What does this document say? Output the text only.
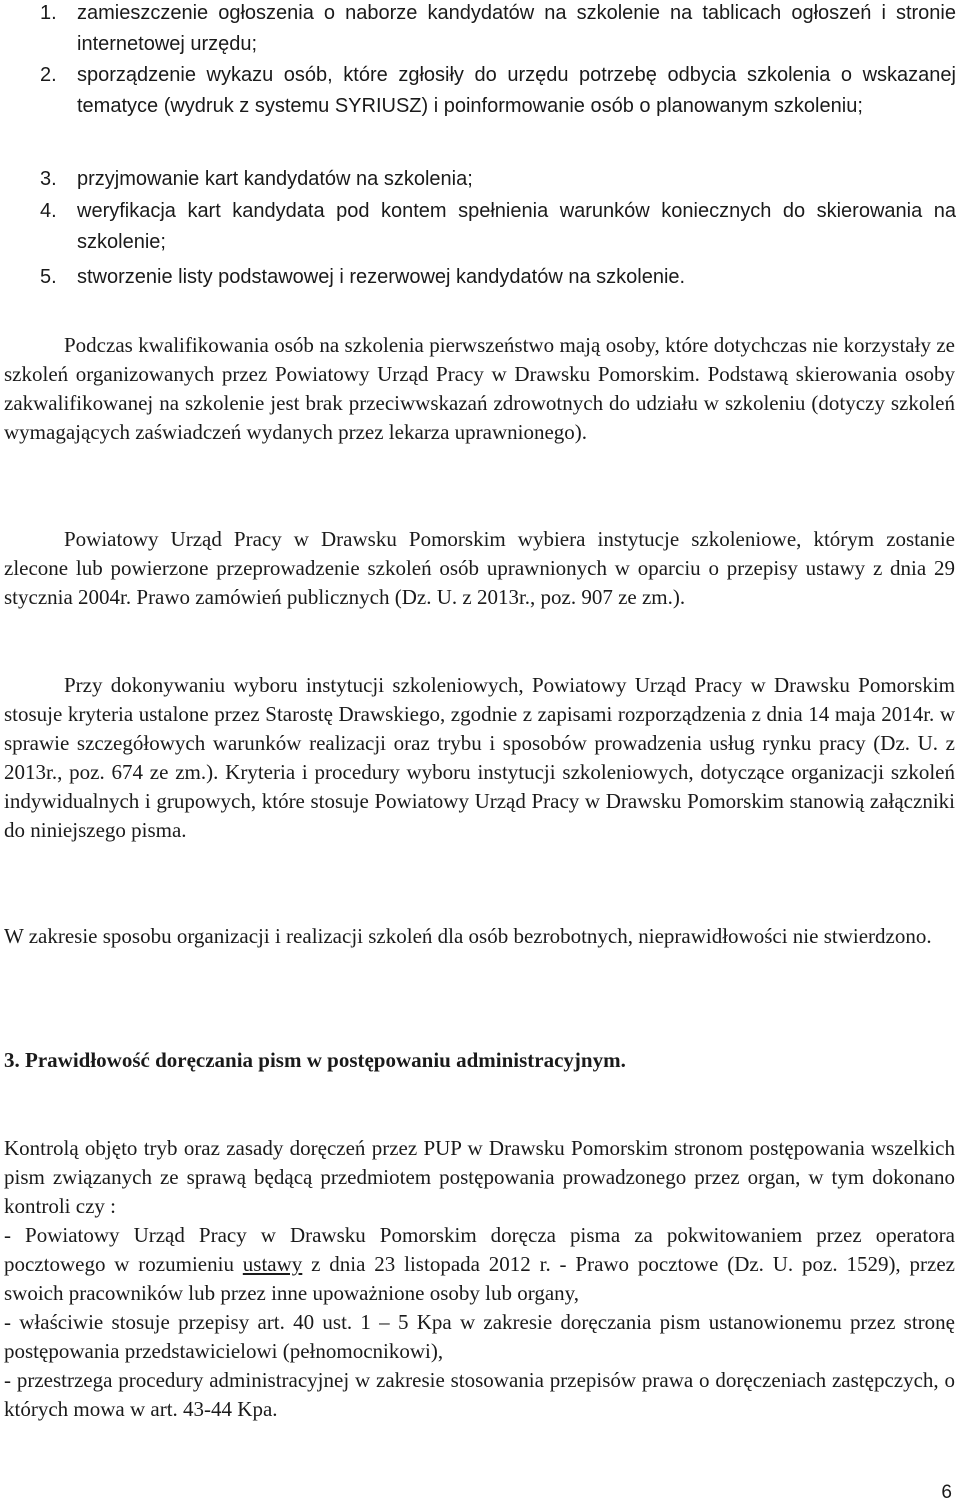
1. zamieszczenie ogłoszenia o naborze kandydatów na szkolenie na tablicach ogłoszeń i stronie internetowej urzędu;
2. sporządzenie wykazu osób, które zgłosiły do urzędu potrzebę odbycia szkolenia o wskazanej tematyce (wydruk z systemu SYRIUSZ) i poinformowanie osób o planowanym szkoleniu;
3. przyjmowanie kart kandydatów na szkolenia;
4. weryfikacja kart kandydata pod kontem spełnienia warunków koniecznych do skierowania na szkolenie;
5. stworzenie listy podstawowej i rezerwowej kandydatów na szkolenie.
Podczas kwalifikowania osób na szkolenia pierwszeństwo mają osoby, które dotychczas nie korzystały ze szkoleń organizowanych przez Powiatowy Urząd Pracy w Drawsku Pomorskim. Podstawą skierowania osoby zakwalifikowanej na szkolenie jest brak przeciwwskazań zdrowotnych do udziału w szkoleniu (dotyczy szkoleń wymagających zaświadczeń wydanych przez lekarza uprawnionego).
Powiatowy Urząd Pracy w Drawsku Pomorskim wybiera instytucje szkoleniowe, którym zostanie zlecone lub powierzone przeprowadzenie szkoleń osób uprawnionych w oparciu o przepisy ustawy z dnia 29 stycznia 2004r. Prawo zamówień publicznych (Dz. U. z 2013r., poz. 907 ze zm.).
Przy dokonywaniu wyboru instytucji szkoleniowych, Powiatowy Urząd Pracy w Drawsku Pomorskim stosuje kryteria ustalone przez Starostę Drawskiego, zgodnie z zapisami rozporządzenia z dnia 14 maja 2014r. w sprawie szczegółowych warunków realizacji oraz trybu i sposobów prowadzenia usług rynku pracy (Dz. U. z 2013r., poz. 674 ze zm.). Kryteria i procedury wyboru instytucji szkoleniowych, dotyczące organizacji szkoleń indywidualnych i grupowych, które stosuje Powiatowy Urząd Pracy w Drawsku Pomorskim stanowią załączniki do niniejszego pisma.
W zakresie sposobu organizacji i realizacji szkoleń dla osób bezrobotnych, nieprawidłowości nie stwierdzono.
3. Prawidłowość doręczania pism w postępowaniu administracyjnym.
Kontrolą objęto tryb oraz zasady doręczeń przez PUP w Drawsku Pomorskim stronom postępowania wszelkich pism związanych ze sprawą będącą przedmiotem postępowania prowadzonego przez organ, w tym dokonano kontroli czy :
- Powiatowy Urząd Pracy w Drawsku Pomorskim doręcza pisma za pokwitowaniem przez operatora pocztowego w rozumieniu ustawy z dnia 23 listopada 2012 r. - Prawo pocztowe (Dz. U. poz. 1529), przez swoich pracowników lub przez inne upoważnione osoby lub organy,
- właściwie stosuje przepisy art. 40 ust. 1 – 5 Kpa w zakresie doręczania pism ustanowionemu przez stronę postępowania przedstawicielowi (pełnomocnikowi),
- przestrzega procedury administracyjnej w zakresie stosowania przepisów prawa o doręczeniach zastępczych, o których mowa w art. 43-44 Kpa.
6
